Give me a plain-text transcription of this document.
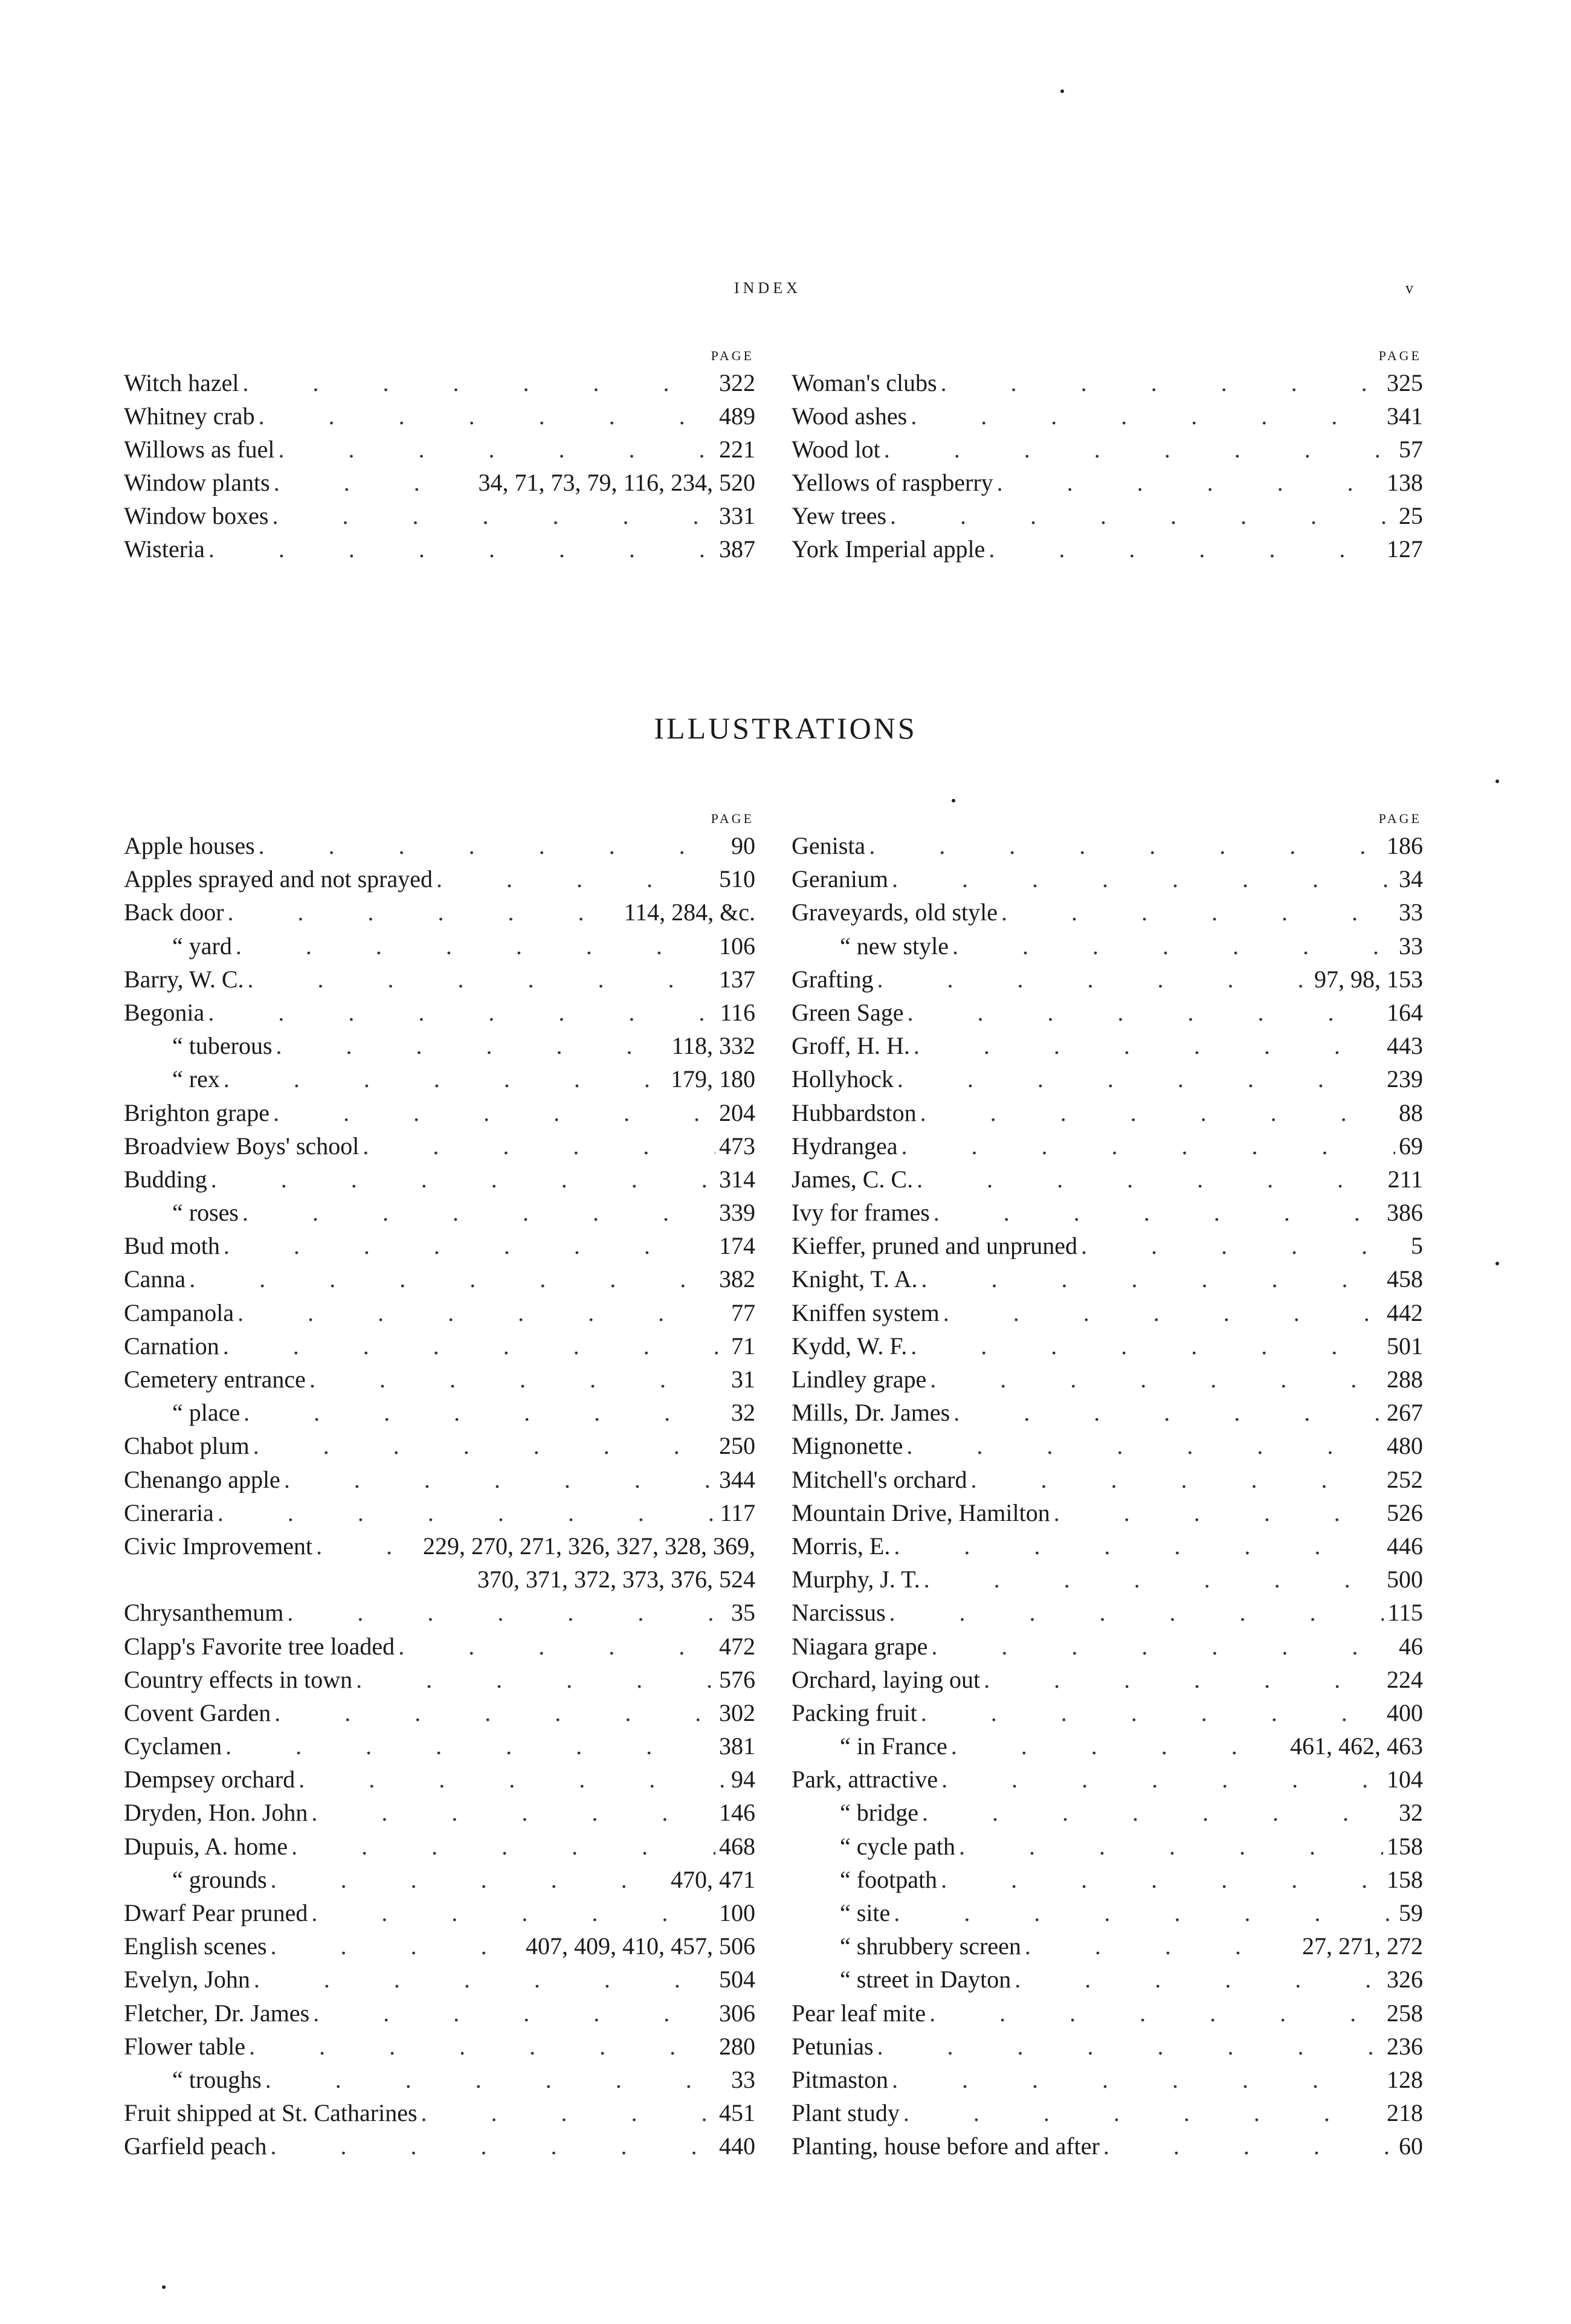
INDEX	v
PAGE
Witch hazel . . .	322
Whitney crab . . .	489
Willows as fuel . . .	221
Window plants . . .	34, 71, 73, 79, 116, 234, 520
Window boxes . . .	331
Wisteria . . .	387
PAGE
Woman's clubs . . .	325
Wood ashes . . .	341
Wood lot . . .	57
Yellows of raspberry . . .	138
Yew trees . . .	25
York Imperial apple . . .	127
ILLUSTRATIONS
PAGE
Apple houses . . .	90
Apples sprayed and not sprayed . . .	510
Back door . . .	114, 284, &c.
“ yard . . .	106
Barry, W. C. . . .	137
Begonia . . .	116
“ tuberous . . .	118, 332
“ rex . . .	179, 180
Brighton grape . . .	204
Broadview Boys' school . . .	473
Budding . . .	314
“ roses . . .	339
Bud moth . . .	174
Canna . . .	382
Campanola . . .	77
Carnation . . .	71
Cemetery entrance . . .	31
“ place . . .	32
Chabot plum . . .	250
Chenango apple . . .	344
Cineraria . . .	117
Civic Improvement . . .	229, 270, 271, 326, 327, 328, 369,
370, 371, 372, 373, 376, 524
Chrysanthemum . . .	35
Clapp's Favorite tree loaded . . .	472
Country effects in town . . .	576
Covent Garden . . .	302
Cyclamen . . .	381
Dempsey orchard . . .	94
Dryden, Hon. John . . .	146
Dupuis, A. home . . .	468
“ grounds . . .	470, 471
Dwarf Pear pruned . . .	100
English scenes . . .	407, 409, 410, 457, 506
Evelyn, John . . .	504
Fletcher, Dr. James . . .	306
Flower table . . .	280
“ troughs . . .	33
Fruit shipped at St. Catharines . . .	451
Garfield peach . . .	440
PAGE
Genista . . .	186
Geranium . . .	34
Graveyards, old style . . .	33
“ new style . . .	33
Grafting . . .	97, 98, 153
Green Sage . . .	164
Groff, H. H. . . .	443
Hollyhock . . .	239
Hubbardston . . .	88
Hydrangea . . .	69
James, C. C. . . .	211
Ivy for frames . . .	386
Kieffer, pruned and unpruned . . .	5
Knight, T. A. . . .	458
Kniffen system . . .	442
Kydd, W. F. . . .	501
Lindley grape . . .	288
Mills, Dr. James . . .	267
Mignonette . . .	480
Mitchell's orchard . . .	252
Mountain Drive, Hamilton . . .	526
Morris, E. . . .	446
Murphy, J. T. . . .	500
Narcissus . . .	115
Niagara grape . . .	46
Orchard, laying out . . .	224
Packing fruit . . .	400
“ in France . . .	461, 462, 463
Park, attractive . . .	104
“ bridge . . .	32
“ cycle path . . .	158
“ footpath . . .	158
“ site . . .	59
“ shrubbery screen . . .	27, 271, 272
“ street in Dayton . . .	326
Pear leaf mite . . .	258
Petunias . . .	236
Pitmaston . . .	128
Plant study . . .	218
Planting, house before and after . . .	60
